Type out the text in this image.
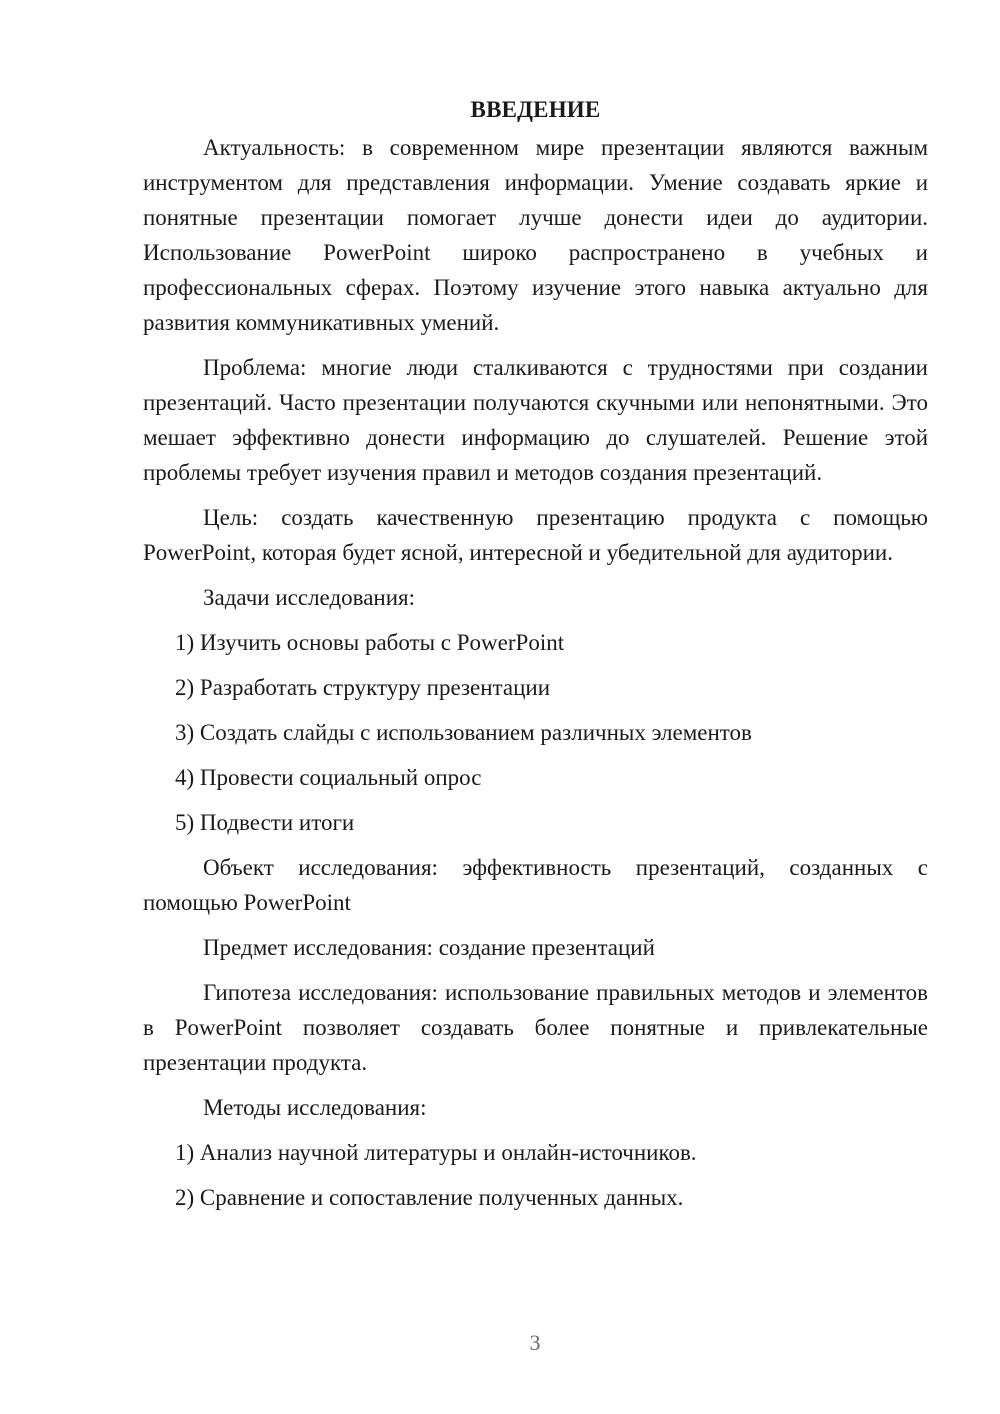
ВВЕДЕНИЕ

Актуальность: в современном мире презентации являются важным инструментом для представления информации. Умение создавать яркие и понятные презентации помогает лучше донести идеи до аудитории. Использование PowerPoint широко распространено в учебных и профессиональных сферах. Поэтому изучение этого навыка актуально для развития коммуникативных умений.

Проблема: многие люди сталкиваются с трудностями при создании презентаций. Часто презентации получаются скучными или непонятными. Это мешает эффективно донести информацию до слушателей. Решение этой проблемы требует изучения правил и методов создания презентаций.

Цель: создать качественную презентацию продукта с помощью PowerPoint, которая будет ясной, интересной и убедительной для аудитории.

Задачи исследования:

1) Изучить основы работы с PowerPoint

2) Разработать структуру презентации

3) Создать слайды с использованием различных элементов

4) Провести социальный опрос

5) Подвести итоги

Объект исследования: эффективность презентаций, созданных с помощью PowerPoint

Предмет исследования: создание презентаций

Гипотеза исследования: использование правильных методов и элементов в PowerPoint позволяет создавать более понятные и привлекательные презентации продукта.

Методы исследования:

1) Анализ научной литературы и онлайн-источников.

2) Сравнение и сопоставление полученных данных.

3
